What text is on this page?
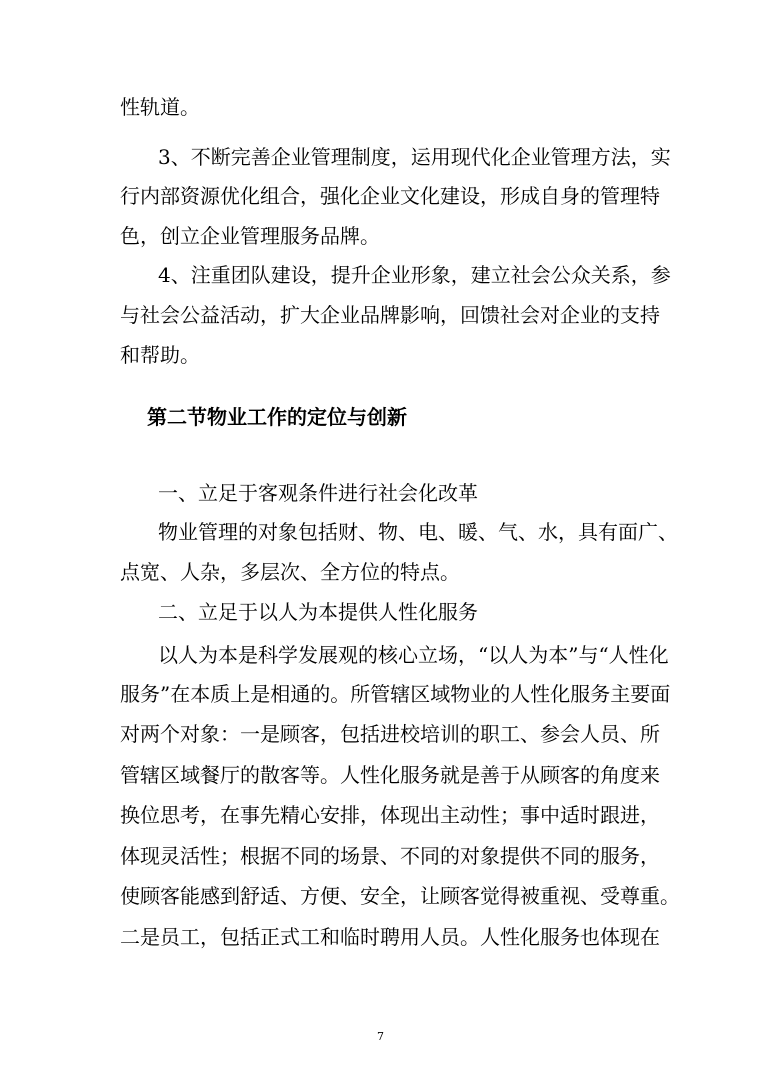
性轨道。

3、不断完善企业管理制度，运用现代化企业管理方法，实

行内部资源优化组合，强化企业文化建设，形成自身的管理特

色，创立企业管理服务品牌。

4、注重团队建设，提升企业形象，建立社会公众关系，参

与社会公益活动，扩大企业品牌影响，回馈社会对企业的支持

和帮助。

第二节物业工作的定位与创新

一、立足于客观条件进行社会化改革

物业管理的对象包括财、物、电、暖、气、水，具有面广、

点宽、人杂，多层次、全方位的特点。

二、立足于以人为本提供人性化服务

以人为本是科学发展观的核心立场，“以人为本”与“人性化

服务”在本质上是相通的。所管辖区域物业的人性化服务主要面

对两个对象：一是顾客，包括进校培训的职工、参会人员、所

管辖区域餐厅的散客等。人性化服务就是善于从顾客的角度来

换位思考，在事先精心安排，体现出主动性；事中适时跟进，

体现灵活性；根据不同的场景、不同的对象提供不同的服务，

使顾客能感到舒适、方便、安全，让顾客觉得被重视、受尊重。

二是员工，包括正式工和临时聘用人员。人性化服务也体现在

7
